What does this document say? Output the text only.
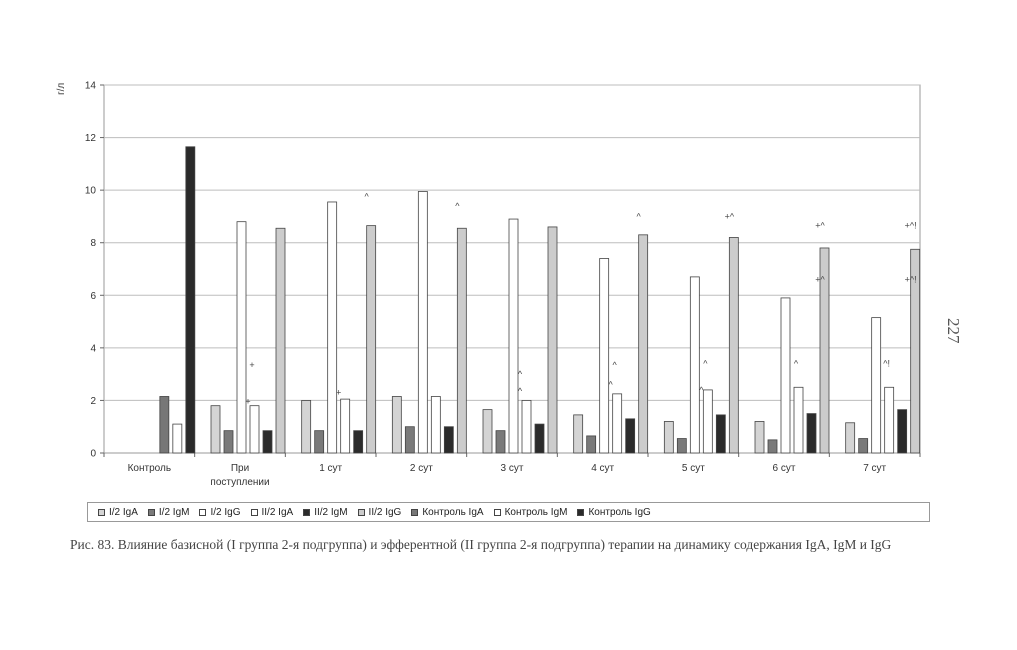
0
2
4
6
8
10
12
14
Контроль	При
поступлении
1 сут	2 сут	3 сут	4 сут	5 сут	6 сут	7 сут
+
+
^
+
^
^
^
^
^
^
+^
^
^
+^
+^
^
+^!
+^!
^!
г/л
I/2 IgA I/2 IgM I/2 IgG II/2 IgA II/2 IgM II/2 IgG Контроль IgA Контроль IgM Контроль IgG
227
Рис. 83. Влияние базисной (I группа 2-я подгруппа) и эфферентной (II группа 2-я подгруппа) терапии на динамику содержания IgA, IgM и IgG
